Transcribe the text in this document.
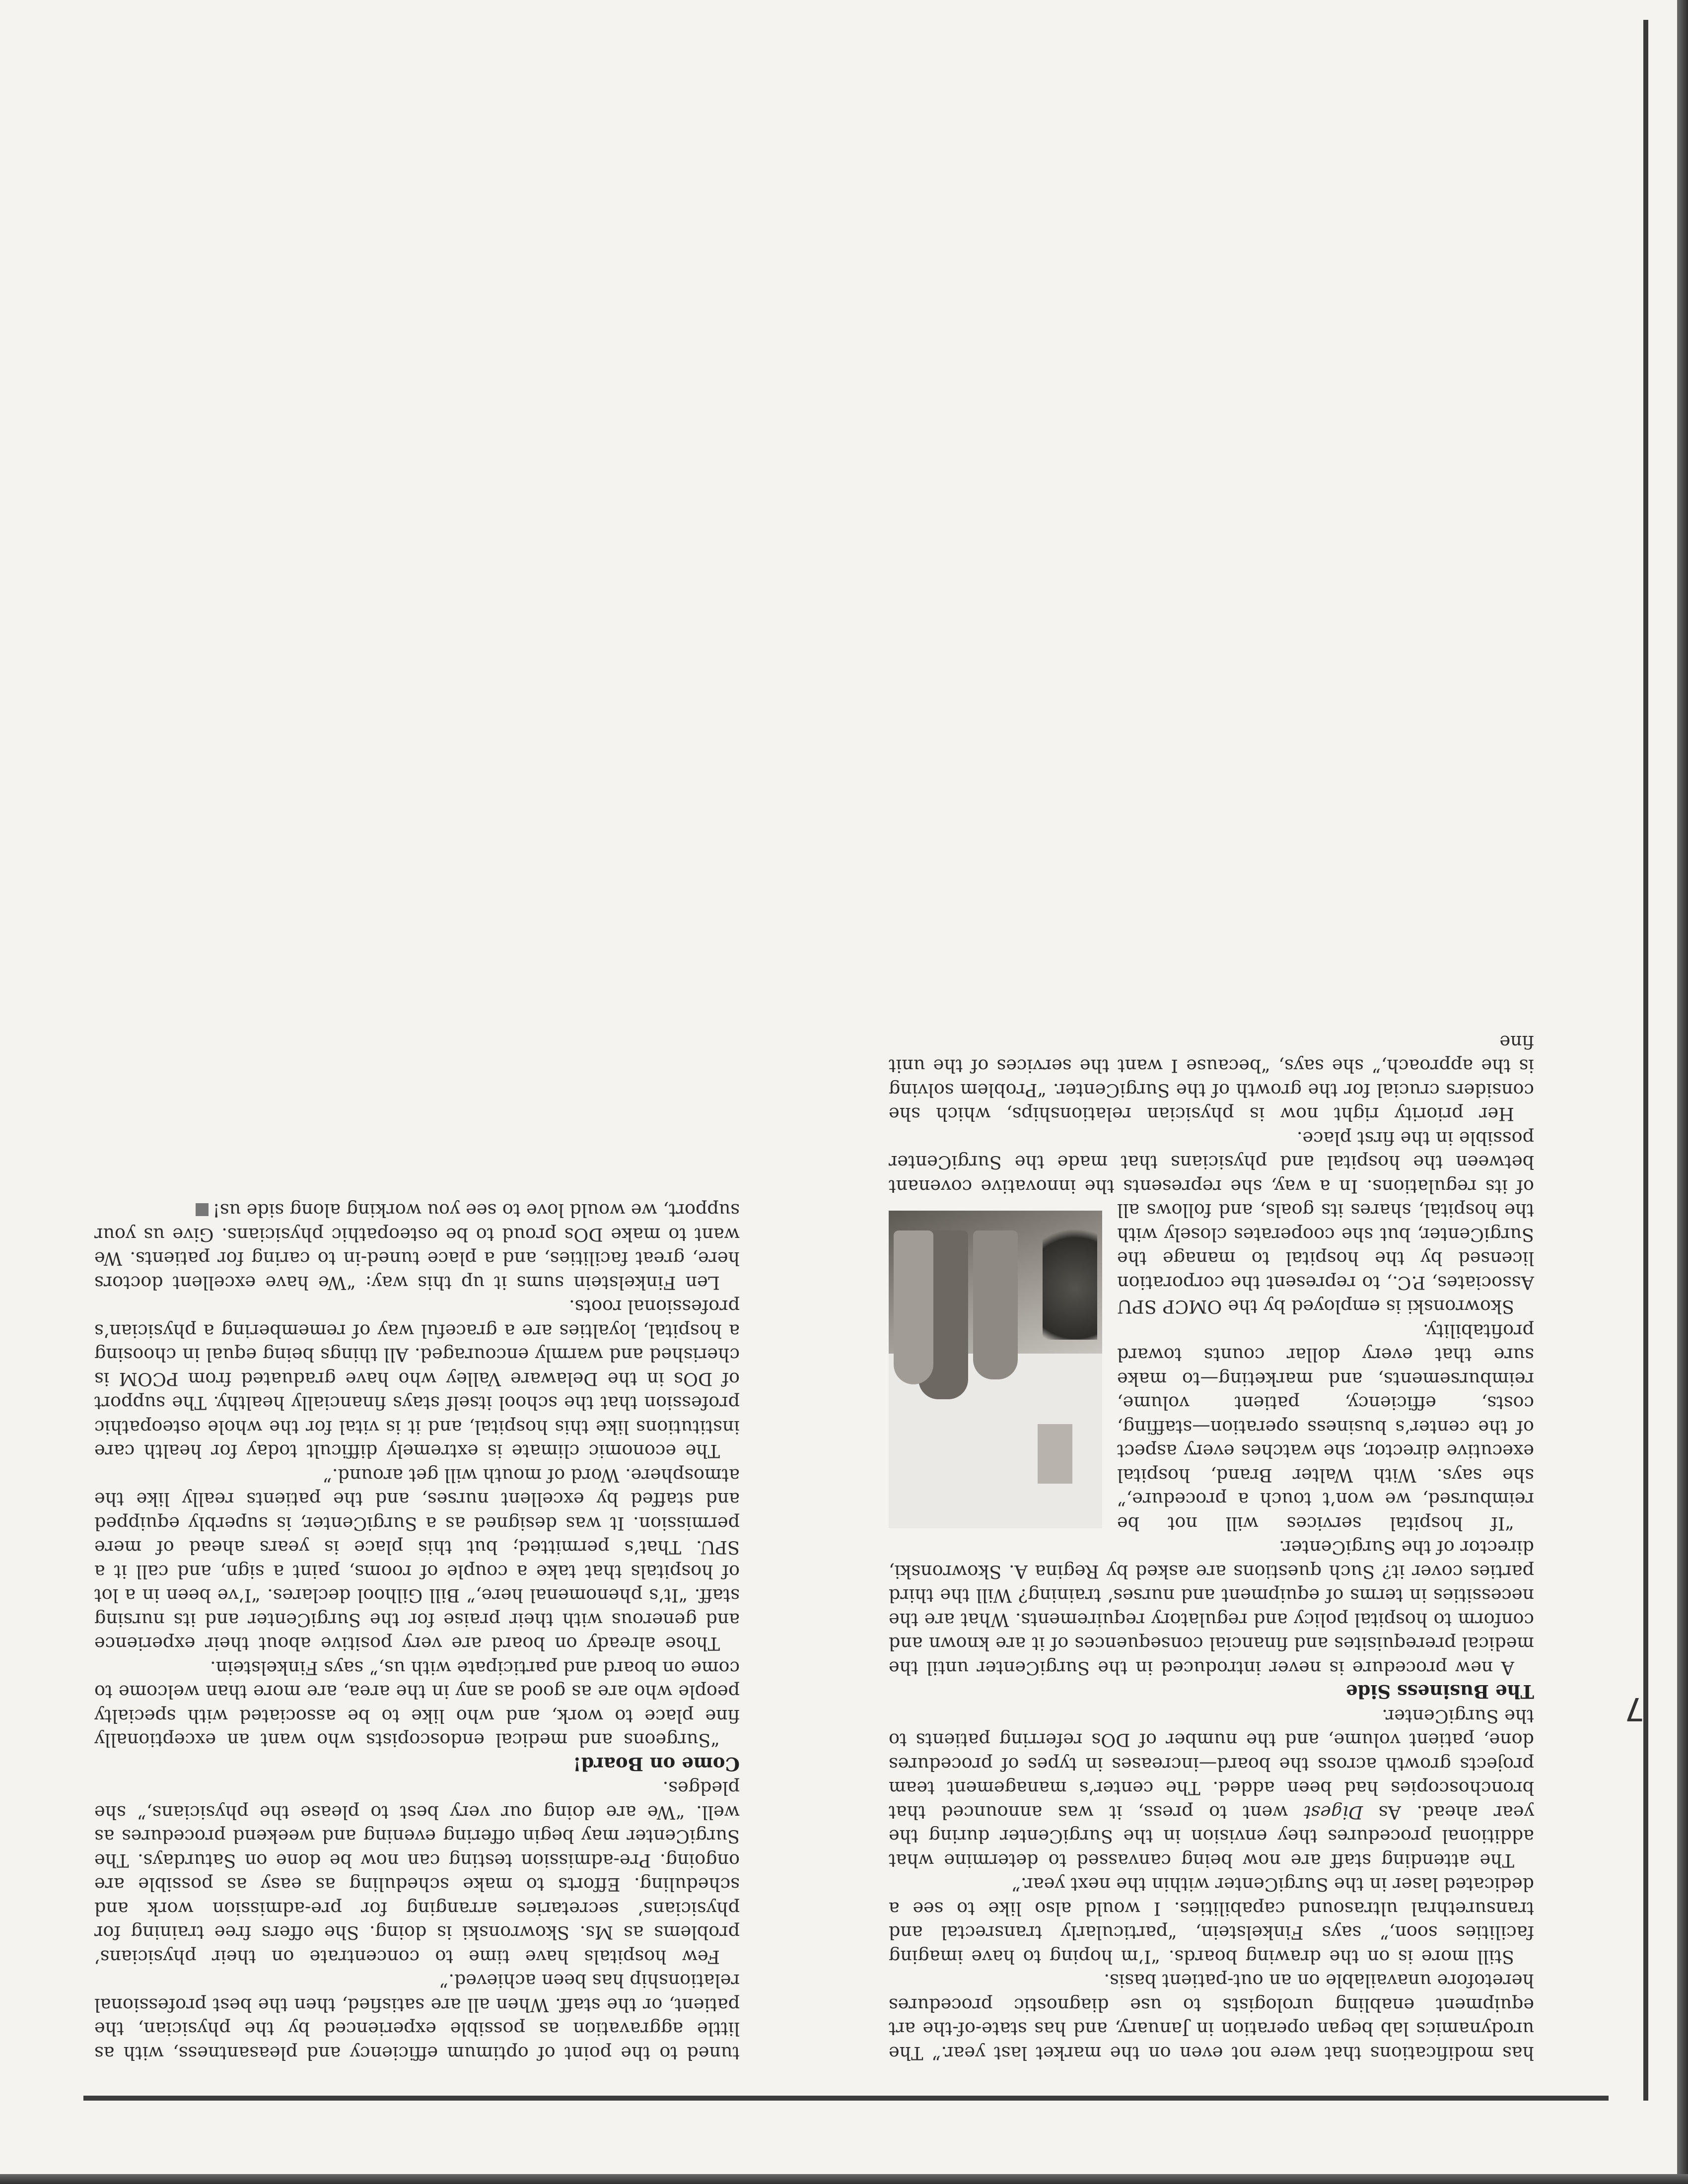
7

has modifications that were not even on the market last year.” The urodynamics lab began operation in January, and has state-of-the art equipment enabling urologists to use diagnostic procedures heretofore unavailable on an out-patient basis.

Still more is on the drawing boards. “I’m hoping to have imaging facilities soon,” says Finkelstein, “particularly transrectal and transurethral ultrasound capabilities. I would also like to see a dedicated laser in the SurgiCenter within the next year.”

The attending staff are now being canvassed to determine what additional procedures they envision in the SurgiCenter during the year ahead. As Digest went to press, it was announced that bronchoscopies had been added. The center’s management team projects growth across the board—increases in types of procedures done, patient volume, and the number of DOs referring patients to the SurgiCenter.

The Business Side

A new procedure is never introduced in the SurgiCenter until the medical prerequisites and financial consequences of it are known and conform to hospital policy and regulatory requirements. What are the necessities in terms of equipment and nurses’ training? Will the third parties cover it? Such questions are asked by Regina A. Skowronski, director of the SurgiCenter.

“If hospital services will not be reimbursed, we won’t touch a procedure,” she says. With Walter Brand, hospital executive director, she watches every aspect of the center’s business operation—staffing, costs, efficiency, patient volume, reimbursements, and marketing—to make sure that every dollar counts toward profitability.

Skowronski is employed by the OMCP SPU Associates, P.C., to represent the corporation licensed by the hospital to manage the SurgiCenter, but she cooperates closely with the hospital, shares its goals, and follows all of its regulations. In a way, she represents the innovative covenant between the hospital and physicians that made the SurgiCenter possible in the first place.

Her priority right now is physician relationships, which she considers crucial for the growth of the SurgiCenter. “Problem solving is the approach,” she says, “because I want the services of the unit fine

tuned to the point of optimum efficiency and pleasantness, with as little aggravation as possible experienced by the physician, the patient, or the staff. When all are satisfied, then the best professional relationship has been achieved.”

Few hospitals have time to concentrate on their physicians’ problems as Ms. Skowronski is doing. She offers free training for physicians’ secretaries arranging for pre-admission work and scheduling. Efforts to make scheduling as easy as possible are ongoing. Pre-admission testing can now be done on Saturdays. The SurgiCenter may begin offering evening and weekend procedures as well. “We are doing our very best to please the physicians,” she pledges.

Come on Board!

“Surgeons and medical endoscopists who want an exceptionally fine place to work, and who like to be associated with specialty people who are as good as any in the area, are more than welcome to come on board and participate with us,” says Finkelstein.

Those already on board are very positive about their experience and generous with their praise for the SurgiCenter and its nursing staff. “It’s phenomenal here,” Bill Gilhool declares. “I’ve been in a lot of hospitals that take a couple of rooms, paint a sign, and call it a SPU. That’s permitted; but this place is years ahead of mere permission. It was designed as a SurgiCenter, is superbly equipped and staffed by excellent nurses, and the patients really like the atmosphere. Word of mouth will get around.”

The economic climate is extremely difficult today for health care institutions like this hospital, and it is vital for the whole osteopathic profession that the school itself stays financially healthy. The support of DOs in the Delaware Valley who have graduated from PCOM is cherished and warmly encouraged. All things being equal in choosing a hospital, loyalties are a graceful way of remembering a physician’s professional roots.

Len Finkelstein sums it up this way: “We have excellent doctors here, great facilities, and a place tuned-in to caring for patients. We want to make DOs proud to be osteopathic physicians. Give us your support, we would love to see you working along side us!
